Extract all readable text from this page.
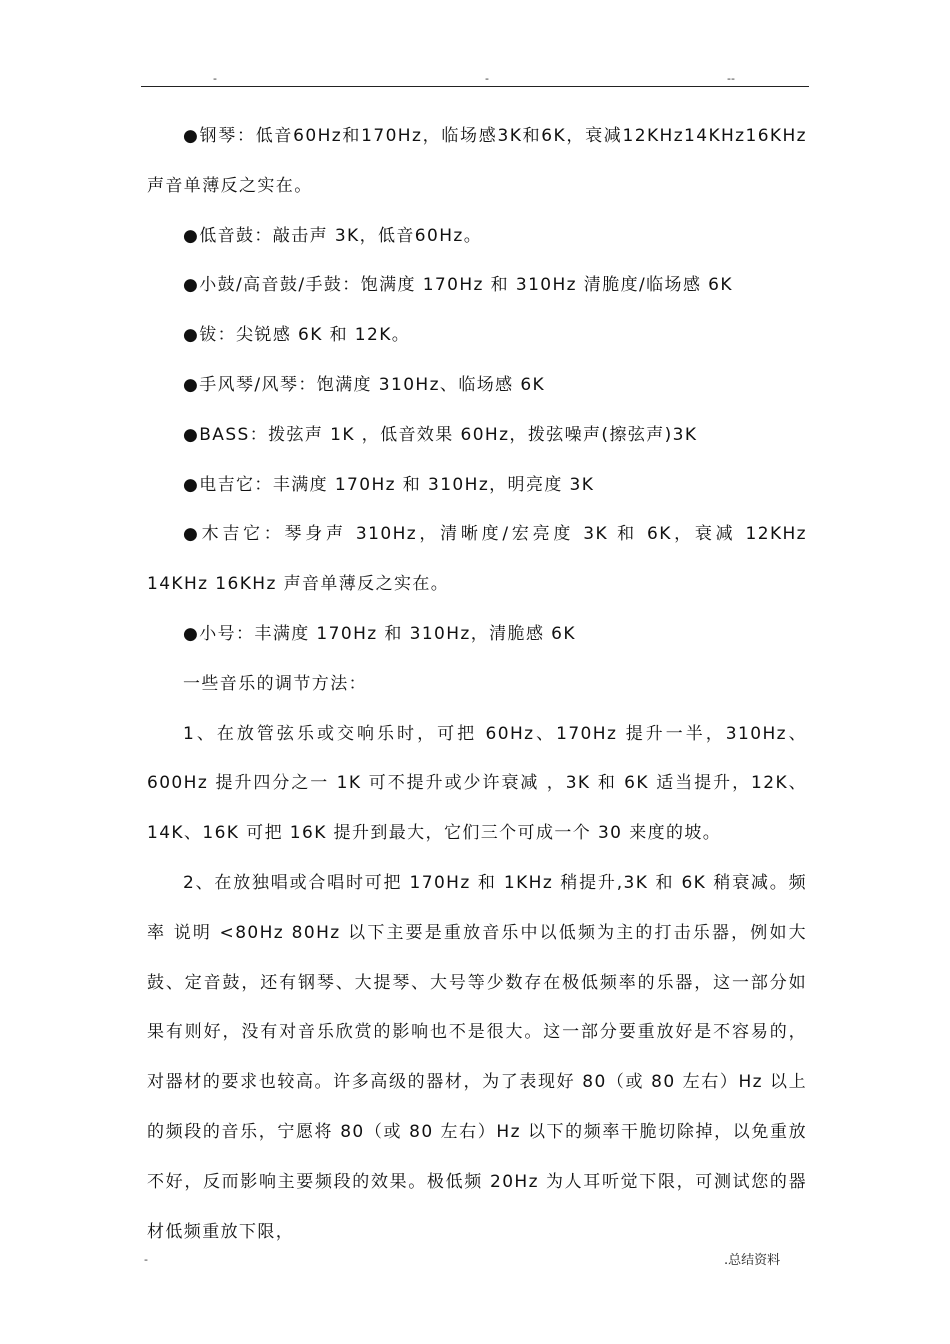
-	-	--

●钢琴：低音60Hz和170Hz，临场感3K和6K，衰减12KHz14KHz16KHz 声音单薄反之实在。

●低音鼓：敲击声 3K，低音60Hz。

●小鼓/高音鼓/手鼓：饱满度 170Hz 和 310Hz 清脆度/临场感 6K

●钹：尖锐感 6K 和 12K。

●手风琴/风琴：饱满度 310Hz、临场感 6K

●BASS：拨弦声 1K ，低音效果 60Hz，拨弦噪声(擦弦声)3K

●电吉它：丰满度 170Hz 和 310Hz，明亮度 3K

●木吉它：琴身声 310Hz，清晰度/宏亮度 3K 和 6K，衰减 12KHz 14KHz 16KHz 声音单薄反之实在。

●小号：丰满度 170Hz 和 310Hz，清脆感 6K

一些音乐的调节方法：

1、在放管弦乐或交响乐时，可把 60Hz、170Hz 提升一半，310Hz、600Hz 提升四分之一 1K 可不提升或少许衰减 ，3K 和 6K 适当提升，12K、14K、16K 可把 16K 提升到最大，它们三个可成一个 30 来度的坡。

2、在放独唱或合唱时可把 170Hz 和 1KHz 稍提升,3K 和 6K 稍衰减。频率 说明 <80Hz 80Hz 以下主要是重放音乐中以低频为主的打击乐器，例如大鼓、定音鼓，还有钢琴、大提琴、大号等少数存在极低频率的乐器，这一部分如果有则好，没有对音乐欣赏的影响也不是很大。这一部分要重放好是不容易的，对器材的要求也较高。许多高级的器材，为了表现好 80（或 80 左右）Hz 以上的频段的音乐，宁愿将 80（或 80 左右）Hz 以下的频率干脆切除掉，以免重放不好，反而影响主要频段的效果。极低频 20Hz 为人耳听觉下限，可测试您的器材低频重放下限，

-	.总结资料
